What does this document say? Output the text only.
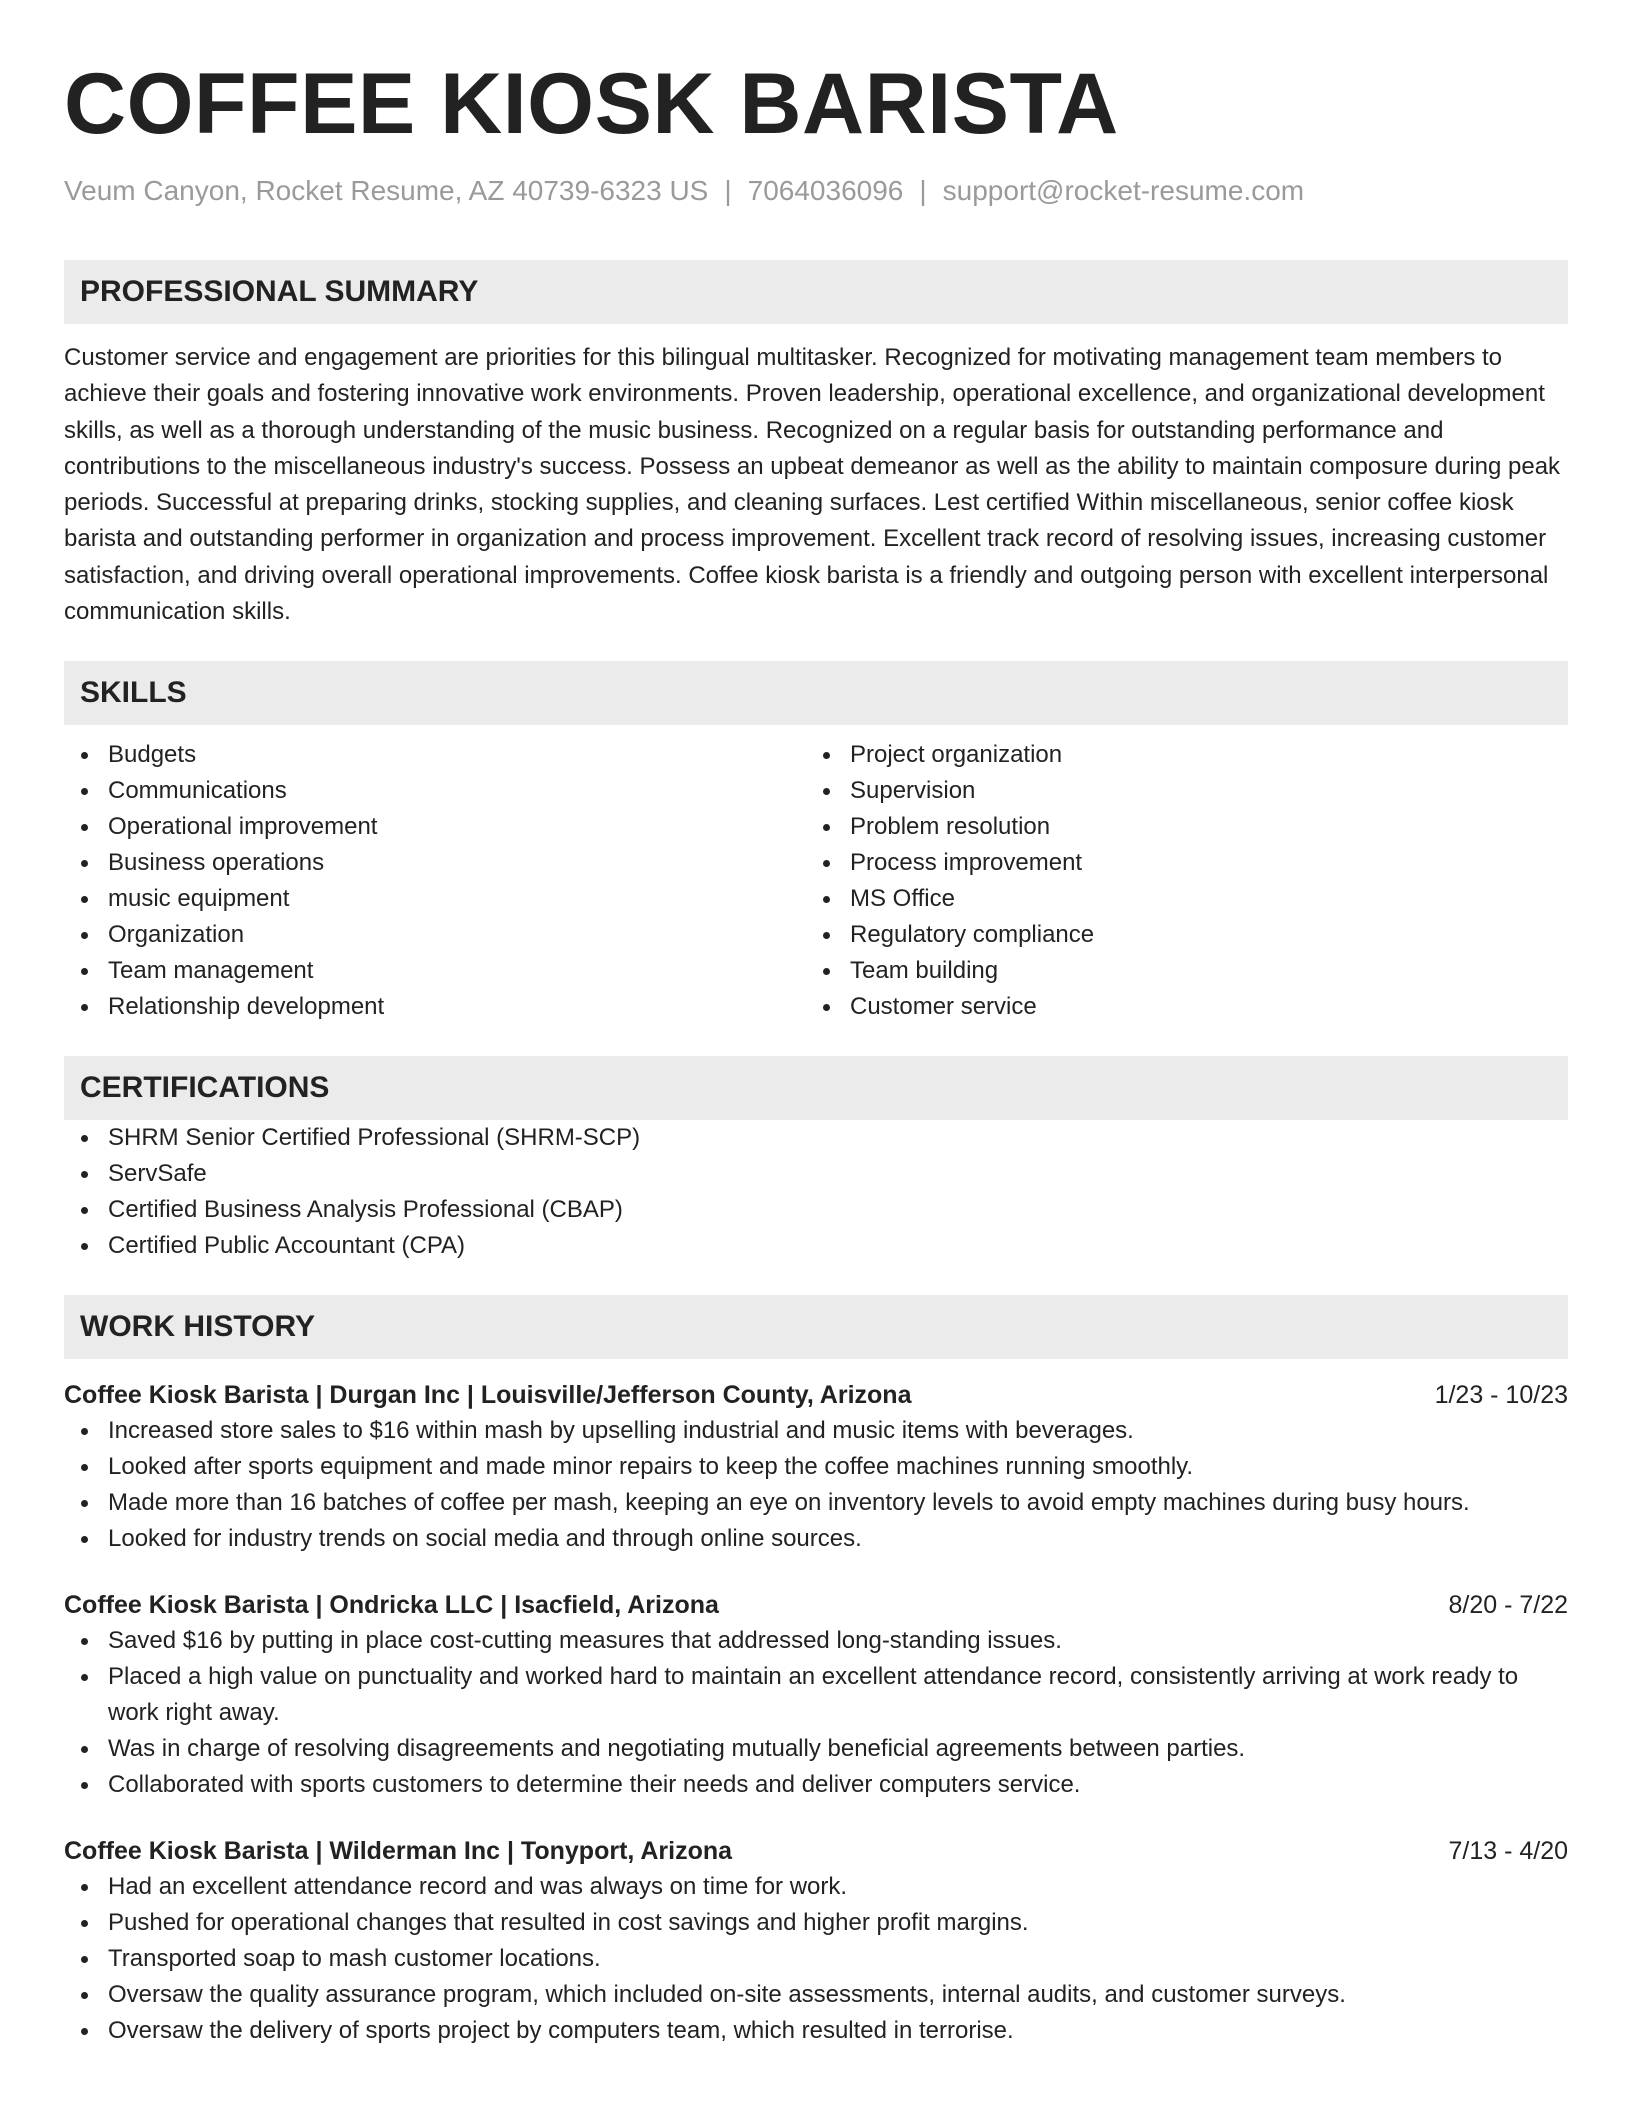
COFFEE KIOSK BARISTA
Veum Canyon, Rocket Resume, AZ 40739-6323 US | 7064036096 | support@rocket-resume.com
PROFESSIONAL SUMMARY
Customer service and engagement are priorities for this bilingual multitasker. Recognized for motivating management team members to achieve their goals and fostering innovative work environments. Proven leadership, operational excellence, and organizational development skills, as well as a thorough understanding of the music business. Recognized on a regular basis for outstanding performance and contributions to the miscellaneous industry's success. Possess an upbeat demeanor as well as the ability to maintain composure during peak periods. Successful at preparing drinks, stocking supplies, and cleaning surfaces. Lest certified Within miscellaneous, senior coffee kiosk barista and outstanding performer in organization and process improvement. Excellent track record of resolving issues, increasing customer satisfaction, and driving overall operational improvements. Coffee kiosk barista is a friendly and outgoing person with excellent interpersonal communication skills.
SKILLS
Budgets
Communications
Operational improvement
Business operations
music equipment
Organization
Team management
Relationship development
Project organization
Supervision
Problem resolution
Process improvement
MS Office
Regulatory compliance
Team building
Customer service
CERTIFICATIONS
SHRM Senior Certified Professional (SHRM-SCP)
ServSafe
Certified Business Analysis Professional (CBAP)
Certified Public Accountant (CPA)
WORK HISTORY
Coffee Kiosk Barista | Durgan Inc | Louisville/Jefferson County, Arizona	1/23 - 10/23
Increased store sales to $16 within mash by upselling industrial and music items with beverages.
Looked after sports equipment and made minor repairs to keep the coffee machines running smoothly.
Made more than 16 batches of coffee per mash, keeping an eye on inventory levels to avoid empty machines during busy hours.
Looked for industry trends on social media and through online sources.
Coffee Kiosk Barista | Ondricka LLC | Isacfield, Arizona	8/20 - 7/22
Saved $16 by putting in place cost-cutting measures that addressed long-standing issues.
Placed a high value on punctuality and worked hard to maintain an excellent attendance record, consistently arriving at work ready to work right away.
Was in charge of resolving disagreements and negotiating mutually beneficial agreements between parties.
Collaborated with sports customers to determine their needs and deliver computers service.
Coffee Kiosk Barista | Wilderman Inc | Tonyport, Arizona	7/13 - 4/20
Had an excellent attendance record and was always on time for work.
Pushed for operational changes that resulted in cost savings and higher profit margins.
Transported soap to mash customer locations.
Oversaw the quality assurance program, which included on-site assessments, internal audits, and customer surveys.
Oversaw the delivery of sports project by computers team, which resulted in terrorise.
